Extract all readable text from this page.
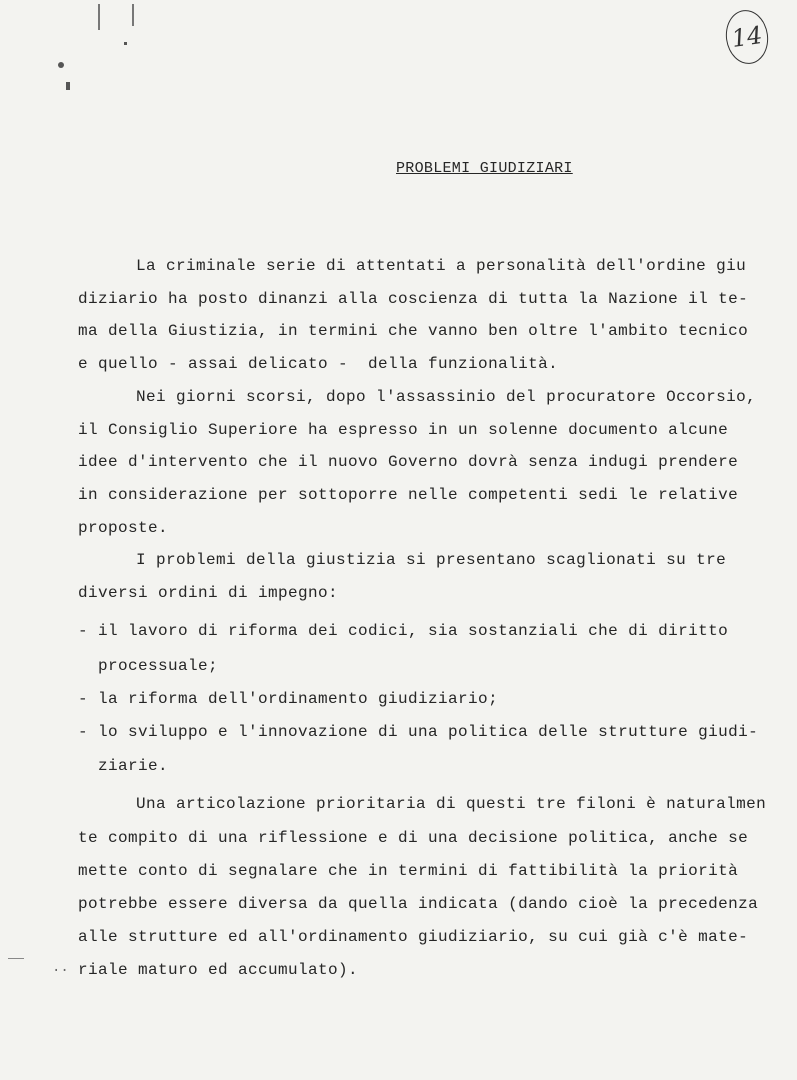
14
PROBLEMI GIUDIZIARI
La criminale serie di attentati a personalità dell'ordine giu
diziario ha posto dinanzi alla coscienza di tutta la Nazione il te-
ma della Giustizia, in termini che vanno ben oltre l'ambito tecnico
e quello - assai delicato -  della funzionalità.
Nei giorni scorsi, dopo l'assassinio del procuratore Occorsio,
il Consiglio Superiore ha espresso in un solenne documento alcune
idee d'intervento che il nuovo Governo dovrà senza indugi prendere
in considerazione per sottoporre nelle competenti sedi le relative
proposte.
I problemi della giustizia si presentano scaglionati su tre
diversi ordini di impegno:
- il lavoro di riforma dei codici, sia sostanziali che di diritto
processuale;
- la riforma dell'ordinamento giudiziario;
- lo sviluppo e l'innovazione di una politica delle strutture giudi-
ziarie.
Una articolazione prioritaria di questi tre filoni è naturalmen
te compito di una riflessione e di una decisione politica, anche se
mette conto di segnalare che in termini di fattibilità la priorità
potrebbe essere diversa da quella indicata (dando cioè la precedenza
alle strutture ed all'ordinamento giudiziario, su cui già c'è mate-
riale maturo ed accumulato).
..
